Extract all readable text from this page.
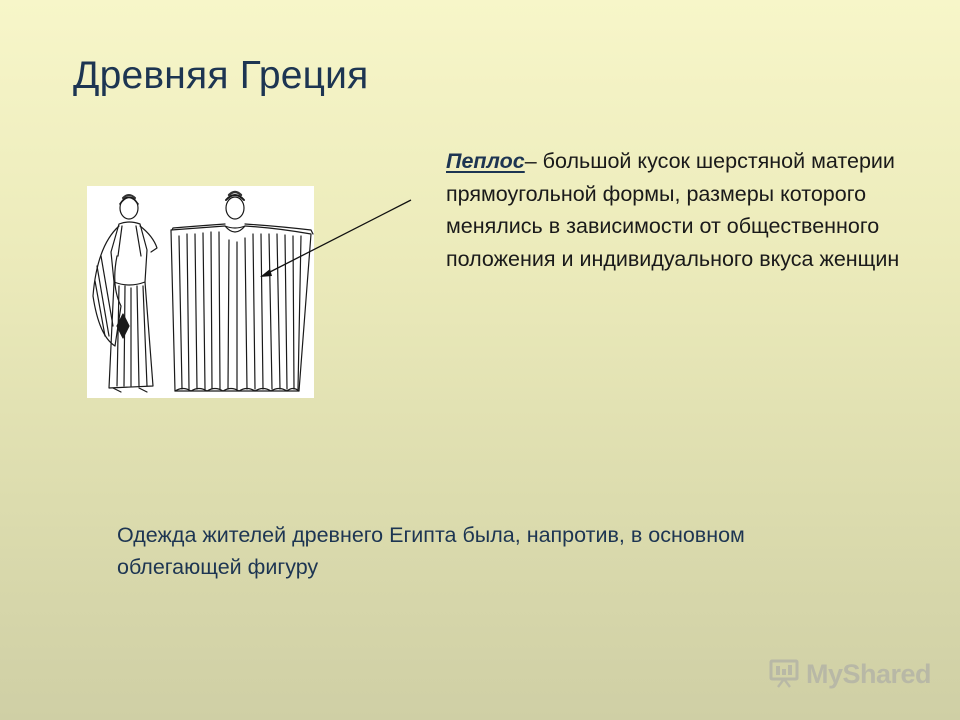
Древняя Греция
Пеплос– большой кусок шерстяной материи прямоугольной формы, размеры которого менялись в зависимости от общественного положения и индивидуального вкуса женщин
Одежда жителей древнего Египта была, напротив, в основном облегающей фигуру
MyShared
